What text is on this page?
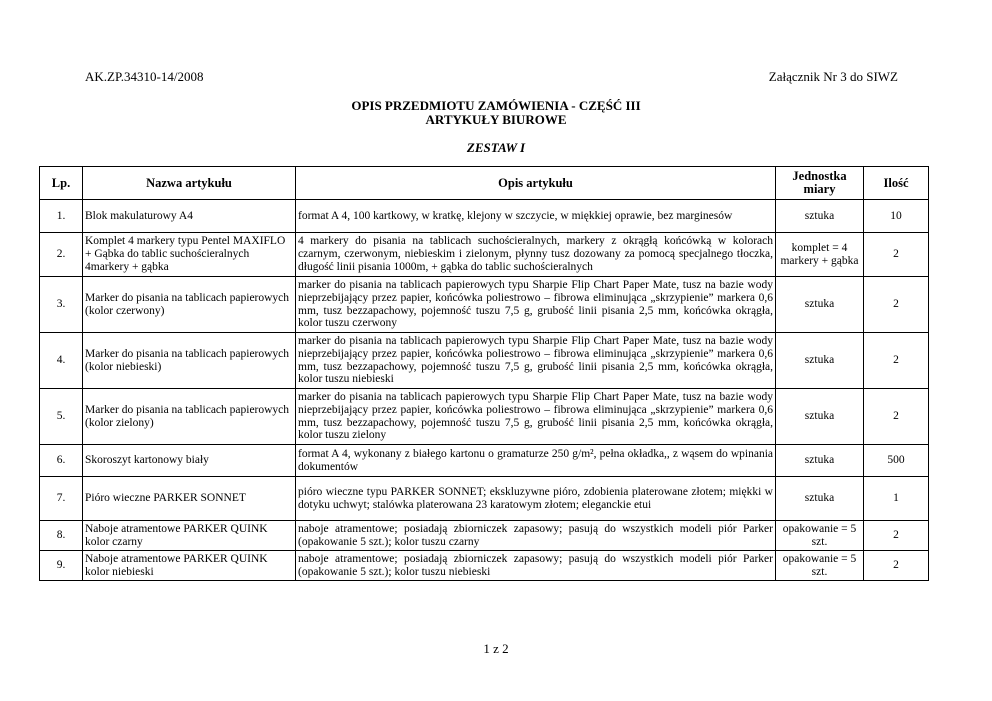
AK.ZP.34310-14/2008	Załącznik Nr 3 do SIWZ
OPIS PRZEDMIOTU ZAMÓWIENIA - CZĘŚĆ III
ARTYKUŁY BIUROWE
ZESTAW I
Lp.	Nazwa artykułu	Opis artykułu	Jednostka miary	Ilość
1.	Blok makulaturowy A4	format A 4, 100 kartkowy, w kratkę, klejony w szczycie, w miękkiej oprawie, bez marginesów	sztuka	10
2.	Komplet 4 markery typu Pentel MAXIFLO + Gąbka do tablic suchościeralnych 4markery + gąbka	4 markery do pisania na tablicach suchościeralnych, markery z okrągłą końcówką w kolorach czarnym, czerwonym, niebieskim i zielonym, płynny tusz dozowany za pomocą specjalnego tłoczka, długość linii pisania 1000m, + gąbka do tablic suchościeralnych	komplet = 4 markery + gąbka	2
3.	Marker do pisania na tablicach papierowych (kolor czerwony)	marker do pisania na tablicach papierowych typu Sharpie Flip Chart Paper Mate, tusz na bazie wody nieprzebijający przez papier, końcówka poliestrowo – fibrowa eliminująca „skrzypienie” markera 0,6 mm, tusz bezzapachowy, pojemność tuszu 7,5 g, grubość linii pisania 2,5 mm, końcówka okrągła, kolor tuszu czerwony	sztuka	2
4.	Marker do pisania na tablicach papierowych (kolor niebieski)	marker do pisania na tablicach papierowych typu Sharpie Flip Chart Paper Mate, tusz na bazie wody nieprzebijający przez papier, końcówka poliestrowo – fibrowa eliminująca „skrzypienie” markera 0,6 mm, tusz bezzapachowy, pojemność tuszu 7,5 g, grubość linii pisania 2,5 mm, końcówka okrągła, kolor tuszu niebieski	sztuka	2
5.	Marker do pisania na tablicach papierowych (kolor zielony)	marker do pisania na tablicach papierowych typu Sharpie Flip Chart Paper Mate, tusz na bazie wody nieprzebijający przez papier, końcówka poliestrowo – fibrowa eliminująca „skrzypienie” markera 0,6 mm, tusz bezzapachowy, pojemność tuszu 7,5 g, grubość linii pisania 2,5 mm, końcówka okrągła, kolor tuszu zielony	sztuka	2
6.	Skoroszyt kartonowy biały	format A 4, wykonany z białego kartonu o gramaturze 250 g/m², pełna okładka,, z wąsem do wpinania dokumentów	sztuka	500
7.	Pióro wieczne PARKER SONNET	pióro wieczne typu PARKER SONNET; ekskluzywne pióro, zdobienia platerowane złotem; miękki w dotyku uchwyt; stalówka platerowana 23 karatowym złotem; eleganckie etui	sztuka	1
8.	Naboje atramentowe PARKER QUINK kolor czarny	naboje atramentowe; posiadają zbiorniczek zapasowy; pasują do wszystkich modeli piór Parker (opakowanie 5 szt.); kolor tuszu czarny	opakowanie = 5 szt.	2
9.	Naboje atramentowe PARKER QUINK kolor niebieski	naboje atramentowe; posiadają zbiorniczek zapasowy; pasują do wszystkich modeli piór Parker (opakowanie 5 szt.); kolor tuszu niebieski	opakowanie = 5 szt.	2
1 z 2
